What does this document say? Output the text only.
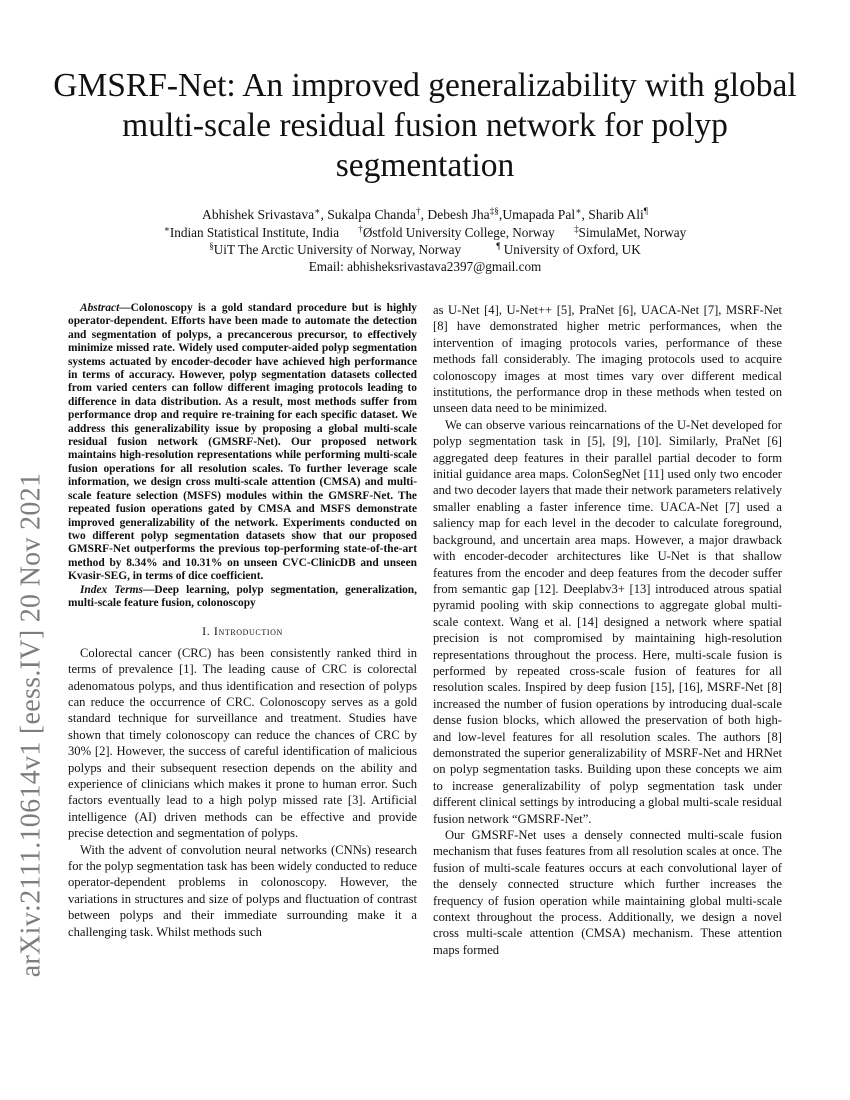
arXiv:2111.10614v1 [eess.IV] 20 Nov 2021
GMSRF-Net: An improved generalizability with global multi-scale residual fusion network for polyp segmentation
Abhishek Srivastava∗, Sukalpa Chanda†, Debesh Jha‡§,Umapada Pal∗, Sharib Ali¶
∗Indian Statistical Institute, India †Østfold University College, Norway ‡SimulaMet, Norway
§UiT The Arctic University of Norway, Norway	¶ University of Oxford, UK
Email: abhisheksrivastava2397@gmail.com

Abstract—Colonoscopy is a gold standard procedure but is highly operator-dependent. Efforts have been made to automate the detection and segmentation of polyps, a precancerous precursor, to effectively minimize missed rate. Widely used computer-aided polyp segmentation systems actuated by encoder-decoder have achieved high performance in terms of accuracy. However, polyp segmentation datasets collected from varied centers can follow different imaging protocols leading to difference in data distribution. As a result, most methods suffer from performance drop and require re-training for each specific dataset. We address this generalizability issue by proposing a global multi-scale residual fusion network (GMSRF-Net). Our proposed network maintains high-resolution representations while performing multi-scale fusion operations for all resolution scales. To further leverage scale information, we design cross multi-scale attention (CMSA) and multi-scale feature selection (MSFS) modules within the GMSRF-Net. The repeated fusion operations gated by CMSA and MSFS demonstrate improved generalizability of the network. Experiments conducted on two different polyp segmentation datasets show that our proposed GMSRF-Net outperforms the previous top-performing state-of-the-art method by 8.34% and 10.31% on unseen CVC-ClinicDB and unseen Kvasir-SEG, in terms of dice coefficient.

Index Terms—Deep learning, polyp segmentation, generalization, multi-scale feature fusion, colonoscopy

I. Introduction

Colorectal cancer (CRC) has been consistently ranked third in terms of prevalence [1]. The leading cause of CRC is colorectal adenomatous polyps, and thus identification and resection of polyps can reduce the occurrence of CRC. Colonoscopy serves as a gold standard technique for surveillance and treatment. Studies have shown that timely colonoscopy can reduce the chances of CRC by 30% [2]. However, the success of careful identification of malicious polyps and their subsequent resection depends on the ability and experience of clinicians which makes it prone to human error. Such factors eventually lead to a high polyp missed rate [3]. Artificial intelligence (AI) driven methods can be effective and provide precise detection and segmentation of polyps.

With the advent of convolution neural networks (CNNs) research for the polyp segmentation task has been widely conducted to reduce operator-dependent problems in colonoscopy. However, the variations in structures and size of polyps and fluctuation of contrast between polyps and their immediate surrounding make it a challenging task. Whilst methods such

as U-Net [4], U-Net++ [5], PraNet [6], UACA-Net [7], MSRF-Net [8] have demonstrated higher metric performances, when the intervention of imaging protocols varies, performance of these methods fall considerably. The imaging protocols used to acquire colonoscopy images at most times vary over different medical institutions, the performance drop in these methods when tested on unseen data need to be minimized.

We can observe various reincarnations of the U-Net developed for polyp segmentation task in [5], [9], [10]. Similarly, PraNet [6] aggregated deep features in their parallel partial decoder to form initial guidance area maps. ColonSegNet [11] used only two encoder and two decoder layers that made their network parameters relatively smaller enabling a faster inference time. UACA-Net [7] used a saliency map for each level in the decoder to calculate foreground, background, and uncertain area maps. However, a major drawback with encoder-decoder architectures like U-Net is that shallow features from the encoder and deep features from the decoder suffer from semantic gap [12]. Deeplabv3+ [13] introduced atrous spatial pyramid pooling with skip connections to aggregate global multi-scale context. Wang et al. [14] designed a network where spatial precision is not compromised by maintaining high-resolution representations throughout the process. Here, multi-scale fusion is performed by repeated cross-scale fusion of features for all resolution scales. Inspired by deep fusion [15], [16], MSRF-Net [8] increased the number of fusion operations by introducing dual-scale dense fusion blocks, which allowed the preservation of both high- and low-level features for all resolution scales. The authors [8] demonstrated the superior generalizability of MSRF-Net and HRNet on polyp segmentation tasks. Building upon these concepts we aim to increase generalizability of polyp segmentation task under different clinical settings by introducing a global multi-scale residual fusion network “GMSRF-Net”.

Our GMSRF-Net uses a densely connected multi-scale fusion mechanism that fuses features from all resolution scales at once. The fusion of multi-scale features occurs at each convolutional layer of the densely connected structure which further increases the frequency of fusion operation while maintaining global multi-scale context throughout the process. Additionally, we design a novel cross multi-scale attention (CMSA) mechanism. These attention maps formed
